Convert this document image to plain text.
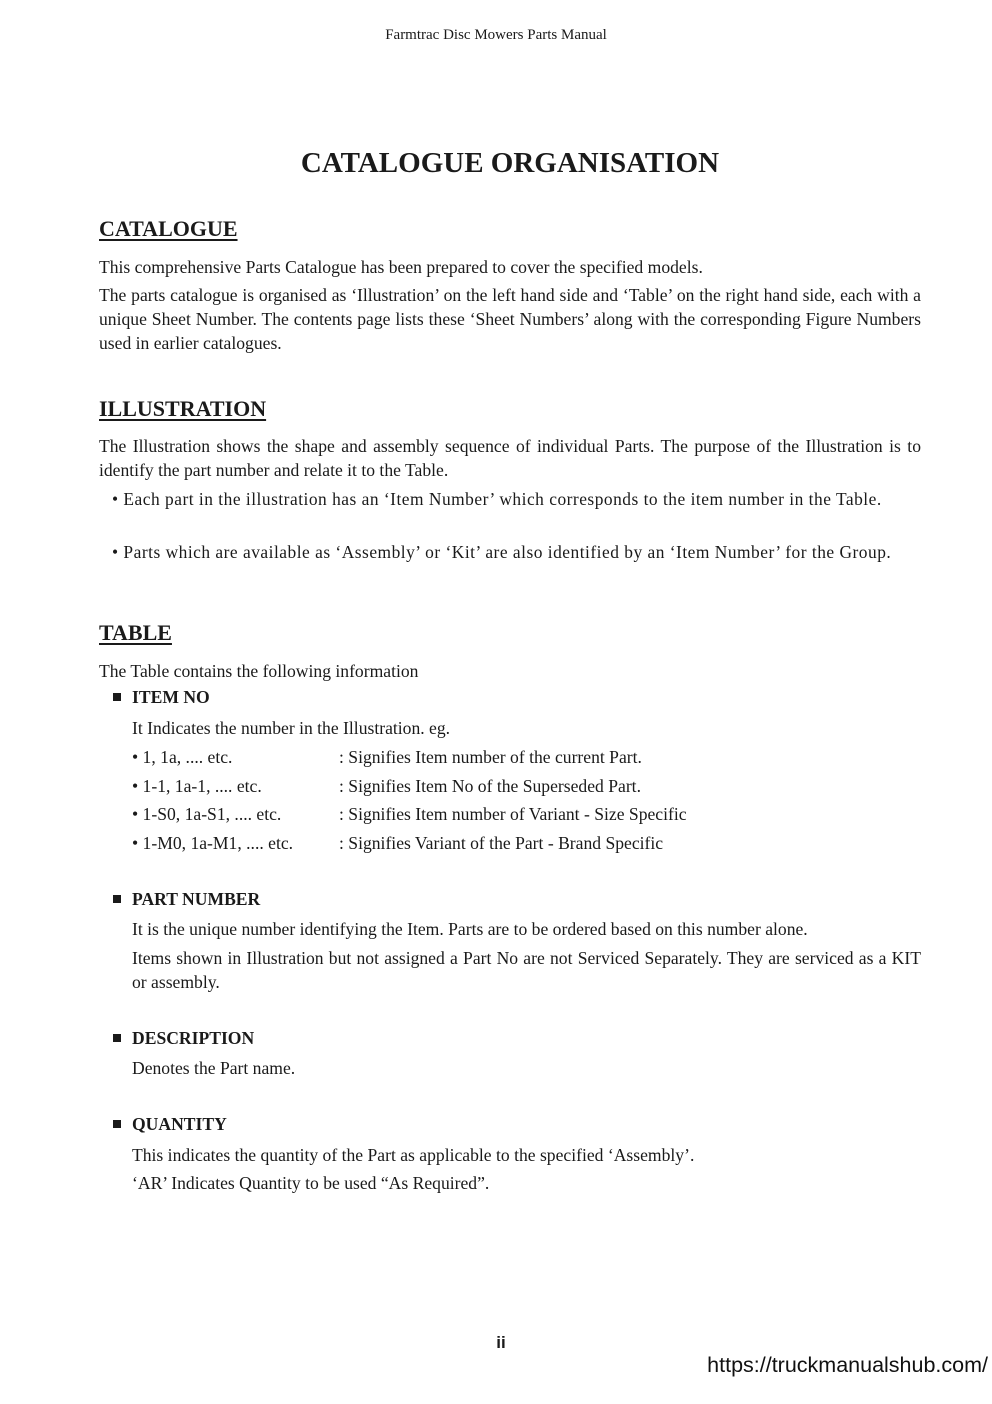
Farmtrac Disc Mowers Parts Manual
CATALOGUE ORGANISATION
CATALOGUE

This comprehensive Parts Catalogue has been prepared to cover the specified models.

The parts catalogue is organised as ‘Illustration’ on the left hand side and ‘Table’ on the right hand side, each with a unique Sheet Number. The contents page lists these ‘Sheet Numbers’ along with the corresponding Figure Numbers used in earlier catalogues.

ILLUSTRATION

The Illustration shows the shape and assembly sequence of individual Parts. The purpose of the Illustration is to identify the part number and relate it to the Table.

• Each part in the illustration has an ‘Item Number’ which corresponds to the item number in the Table.

• Parts which are available as ‘Assembly’ or ‘Kit’ are also identified by an ‘Item Number’ for the Group.

TABLE

The Table contains the following information

ITEM NO

It Indicates the number in the Illustration. eg.

• 1, 1a, .... etc.	: Signifies Item number of the current Part.
• 1-1, 1a-1, .... etc.	: Signifies Item No of the Superseded Part.
• 1-S0, 1a-S1, .... etc.	: Signifies Item number of Variant - Size Specific
• 1-M0, 1a-M1, .... etc.	: Signifies Variant of the Part - Brand Specific

PART NUMBER

It is the unique number identifying the Item. Parts are to be ordered based on this number alone.

Items shown in Illustration but not assigned a Part No are not Serviced Separately. They are serviced as a KIT or assembly.

DESCRIPTION

Denotes the Part name.

QUANTITY

This indicates the quantity of the Part as applicable to the specified ‘Assembly’.

‘AR’ Indicates Quantity to be used “As Required”.

ii
https://truckmanualshub.com/
